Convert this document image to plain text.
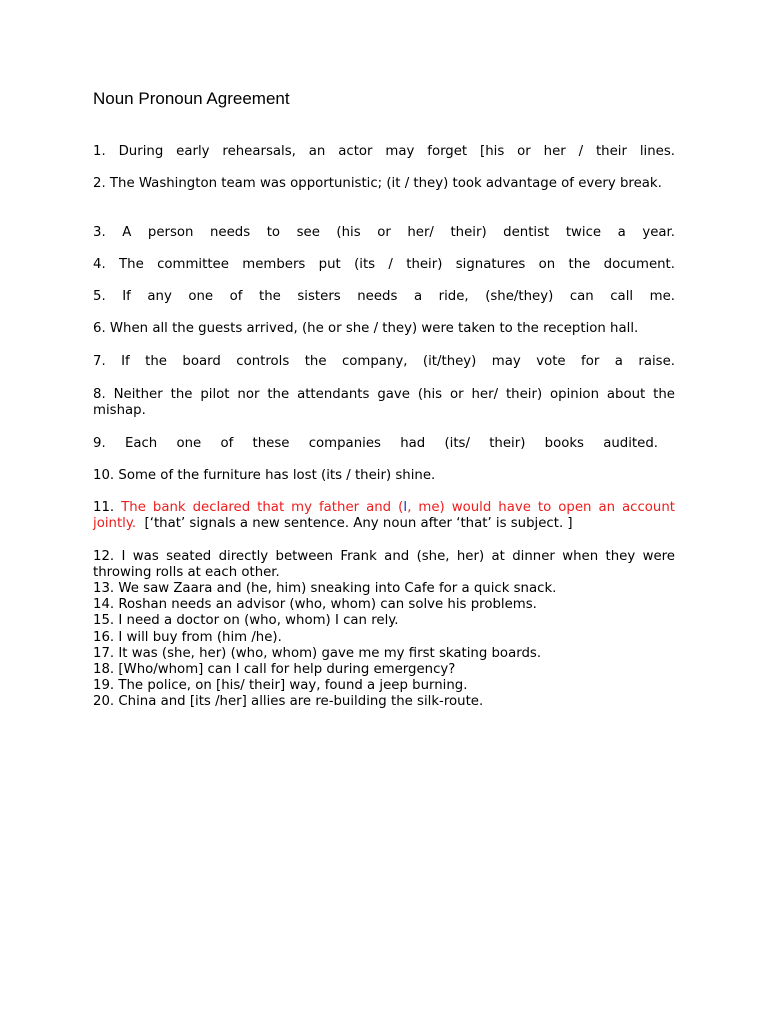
Noun Pronoun Agreement
1. During early rehearsals, an actor may forget [his or her / their lines.
2. The Washington team was opportunistic; (it / they) took advantage of every break.
3. A person needs to see (his or her/ their) dentist twice a year.
4. The committee members put (its / their) signatures on the document.
5. If any one of the sisters needs a ride, (she/they) can call me.
6. When all the guests arrived, (he or she / they) were taken to the reception hall.
7. If the board controls the company, (it/they) may vote for a raise.
8. Neither the pilot nor the attendants gave (his or her/ their) opinion about the mishap.
9. Each one of these companies had (its/ their) books audited.
10. Some of the furniture has lost (its / their) shine.
11. The bank declared that my father and (I, me) would have to open an account jointly. [‘that’ signals a new sentence. Any noun after ‘that’ is subject. ]
12. I was seated directly between Frank and (she, her) at dinner when they were throwing rolls at each other.
13. We saw Zaara and (he, him) sneaking into Cafe for a quick snack.
14. Roshan needs an advisor (who, whom) can solve his problems.
15. I need a doctor on (who, whom) I can rely.
16. I will buy from (him /he).
17. It was (she, her) (who, whom) gave me my first skating boards.
18. [Who/whom] can I call for help during emergency?
19. The police, on [his/ their] way, found a jeep burning.
20. China and [its /her] allies are re-building the silk-route.
